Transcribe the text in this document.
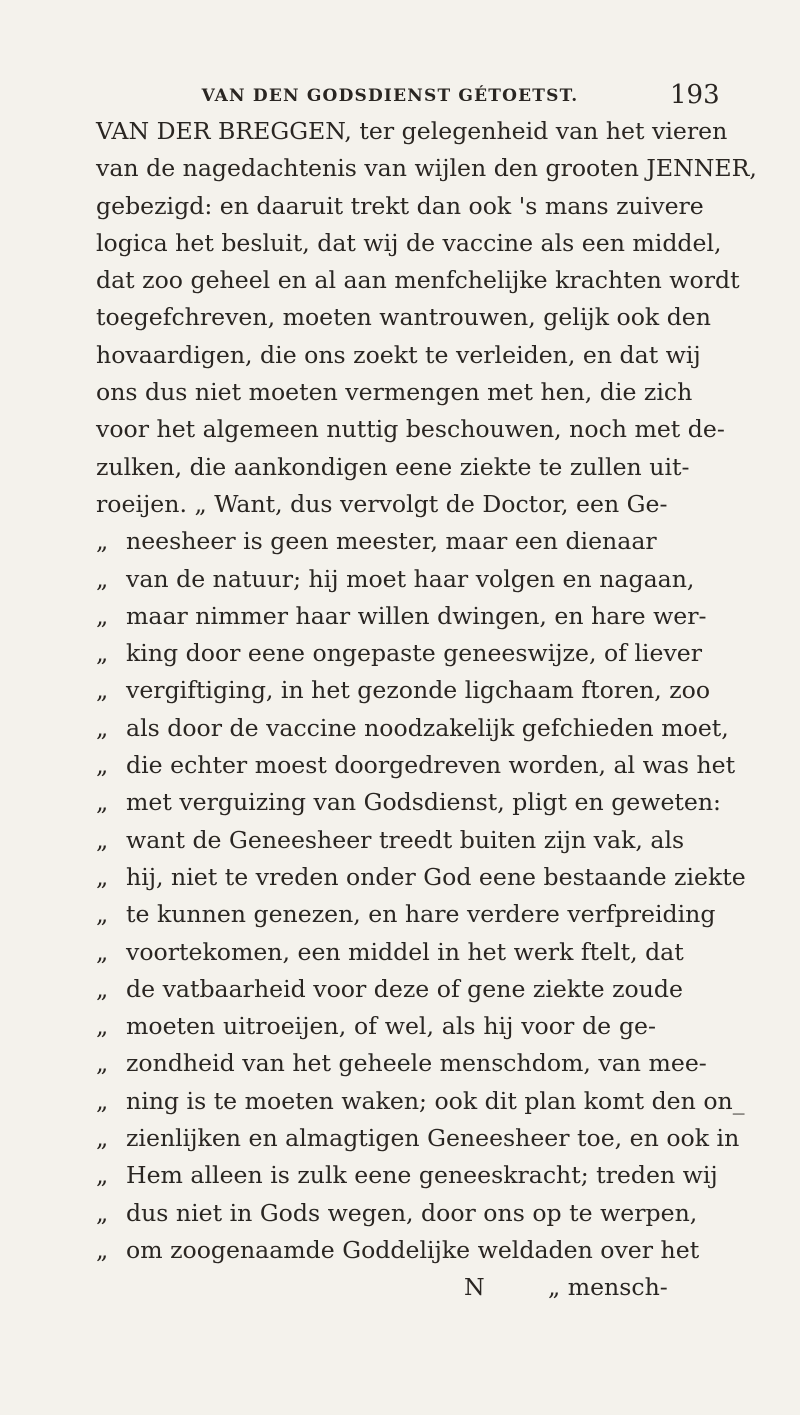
VAN DEN GODSDIENST GÉTOETST.	193
VAN DER BREGGEN, ter gelegenheid van het vieren
van de nagedachtenis van wijlen den grooten JENNER,
gebezigd: en daaruit trekt dan ook 's mans zuivere
logica het besluit, dat wij de vaccine als een middel,
dat zoo geheel en al aan menfchelijke krachten wordt
toegefchreven, moeten wantrouwen, gelijk ook den
hovaardigen, die ons zoekt te verleiden, en dat wij
ons dus niet moeten vermengen met hen, die zich
voor het algemeen nuttig beschouwen, noch met de-
zulken, die aankondigen eene ziekte te zullen uit-
roeijen. „ Want, dus vervolgt de Doctor, een Ge-
„ neesheer is geen meester, maar een dienaar
„ van de natuur; hij moet haar volgen en nagaan,
„ maar nimmer haar willen dwingen, en hare wer-
„ king door eene ongepaste geneeswijze, of liever
„ vergiftiging, in het gezonde ligchaam ftoren, zoo
„ als door de vaccine noodzakelijk gefchieden moet,
„ die echter moest doorgedreven worden, al was het
„ met verguizing van Godsdienst, pligt en geweten:
„ want de Geneesheer treedt buiten zijn vak, als
„ hij, niet te vreden onder God eene bestaande ziekte
„ te kunnen genezen, en hare verdere verfpreiding
„ voortekomen, een middel in het werk ftelt, dat
„ de vatbaarheid voor deze of gene ziekte zoude
„ moeten uitroeijen, of wel, als hij voor de ge-
„ zondheid van het geheele menschdom, van mee-
„ ning is te moeten waken; ook dit plan komt den on_
„ zienlijken en almagtigen Geneesheer toe, en ook in
„ Hem alleen is zulk eene geneeskracht; treden wij
„ dus niet in Gods wegen, door ons op te werpen,
„ om zoogenaamde Goddelijke weldaden over het
N	„ mensch-
